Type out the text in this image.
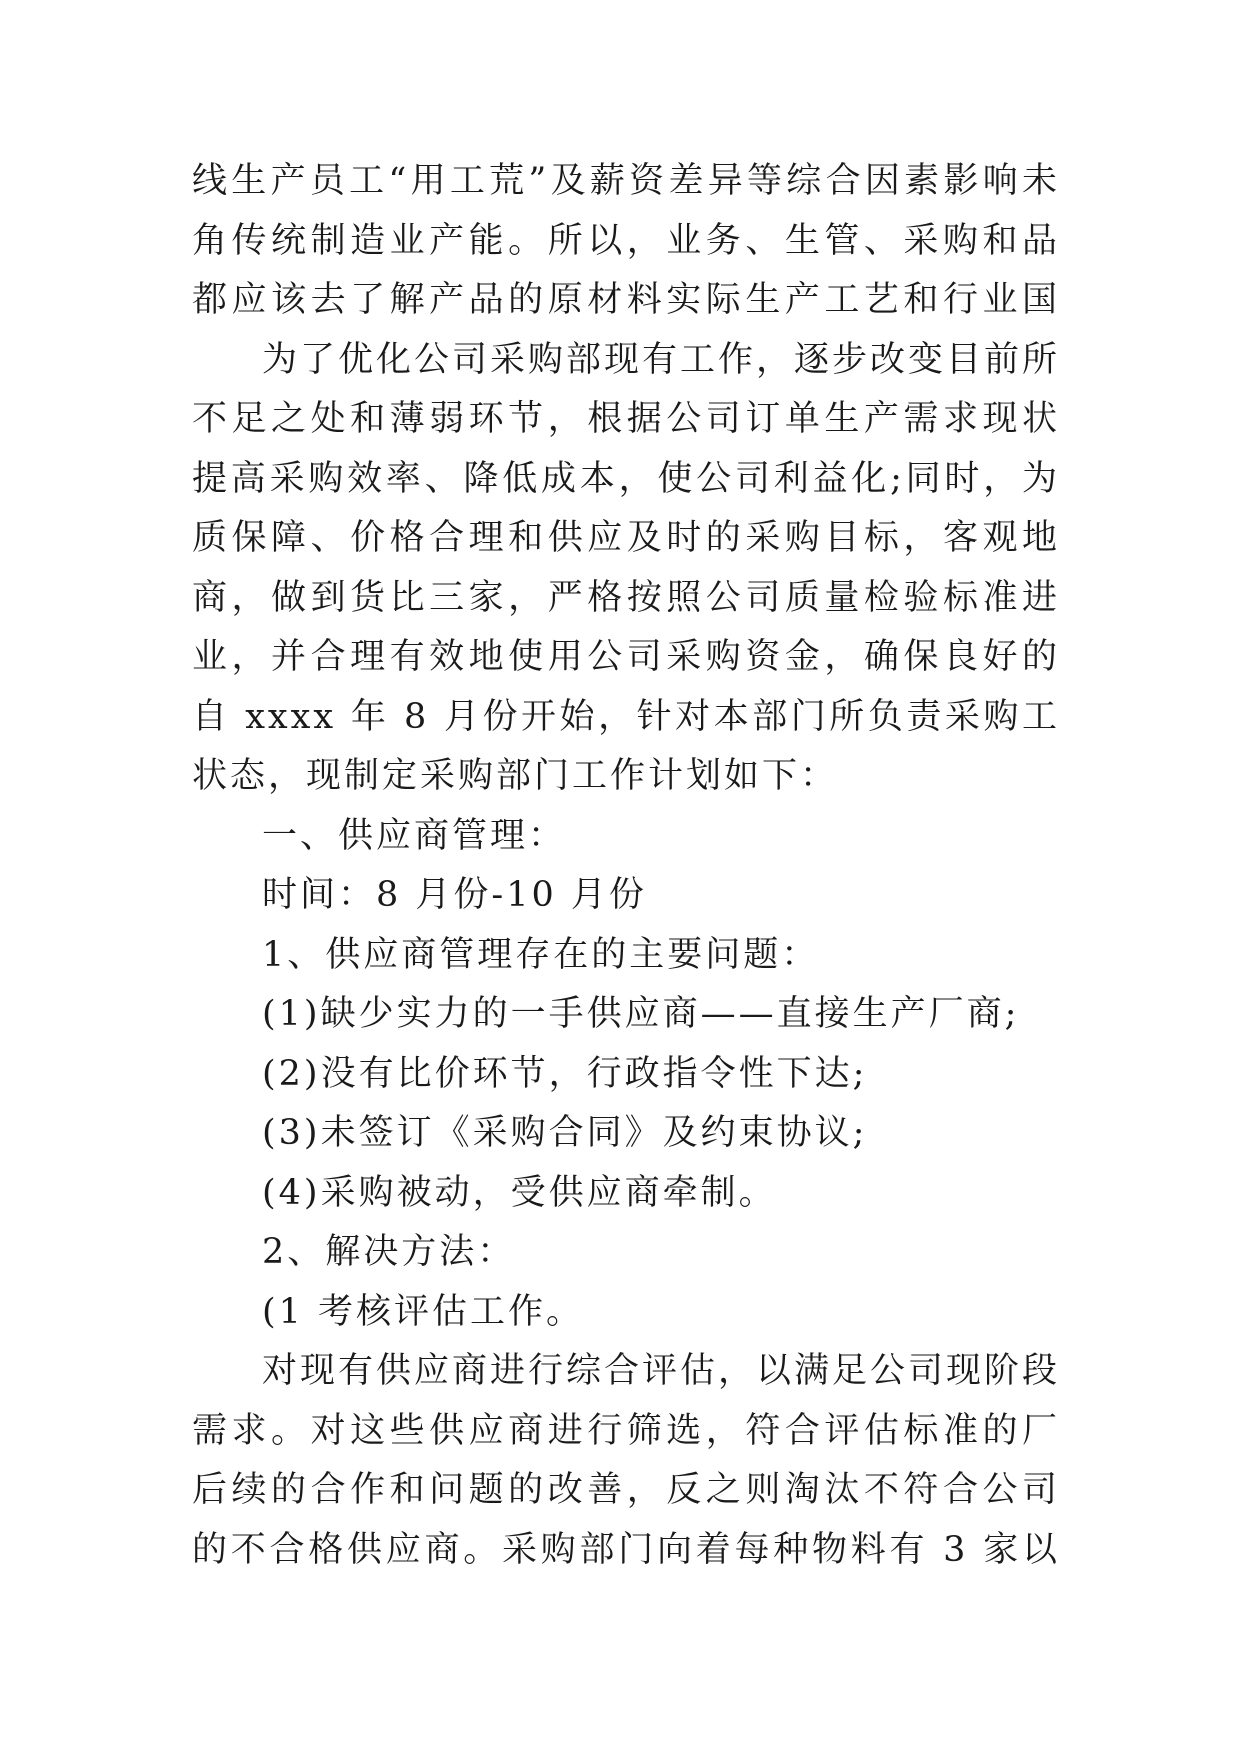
线生产员工“用工荒”及薪资差异等综合因素影响未
角传统制造业产能。所以，业务、生管、采购和品
都应该去了解产品的原材料实际生产工艺和行业国
为了优化公司采购部现有工作，逐步改变目前所
不足之处和薄弱环节，根据公司订单生产需求现状
提高采购效率、降低成本，使公司利益化;同时，为
质保障、价格合理和供应及时的采购目标，客观地
商，做到货比三家，严格按照公司质量检验标准进
业，并合理有效地使用公司采购资金，确保良好的
自 xxxx 年 8 月份开始，针对本部门所负责采购工
状态，现制定采购部门工作计划如下：
一、供应商管理：
时间：8 月份-10 月份
1、供应商管理存在的主要问题：
(1)缺少实力的一手供应商——直接生产厂商;
(2)没有比价环节，行政指令性下达;
(3)未签订《采购合同》及约束协议;
(4)采购被动，受供应商牵制。
2、解决方法：
(1 考核评估工作。
对现有供应商进行综合评估，以满足公司现阶段
需求。对这些供应商进行筛选，符合评估标准的厂
后续的合作和问题的改善，反之则淘汰不符合公司
的不合格供应商。采购部门向着每种物料有 3 家以
